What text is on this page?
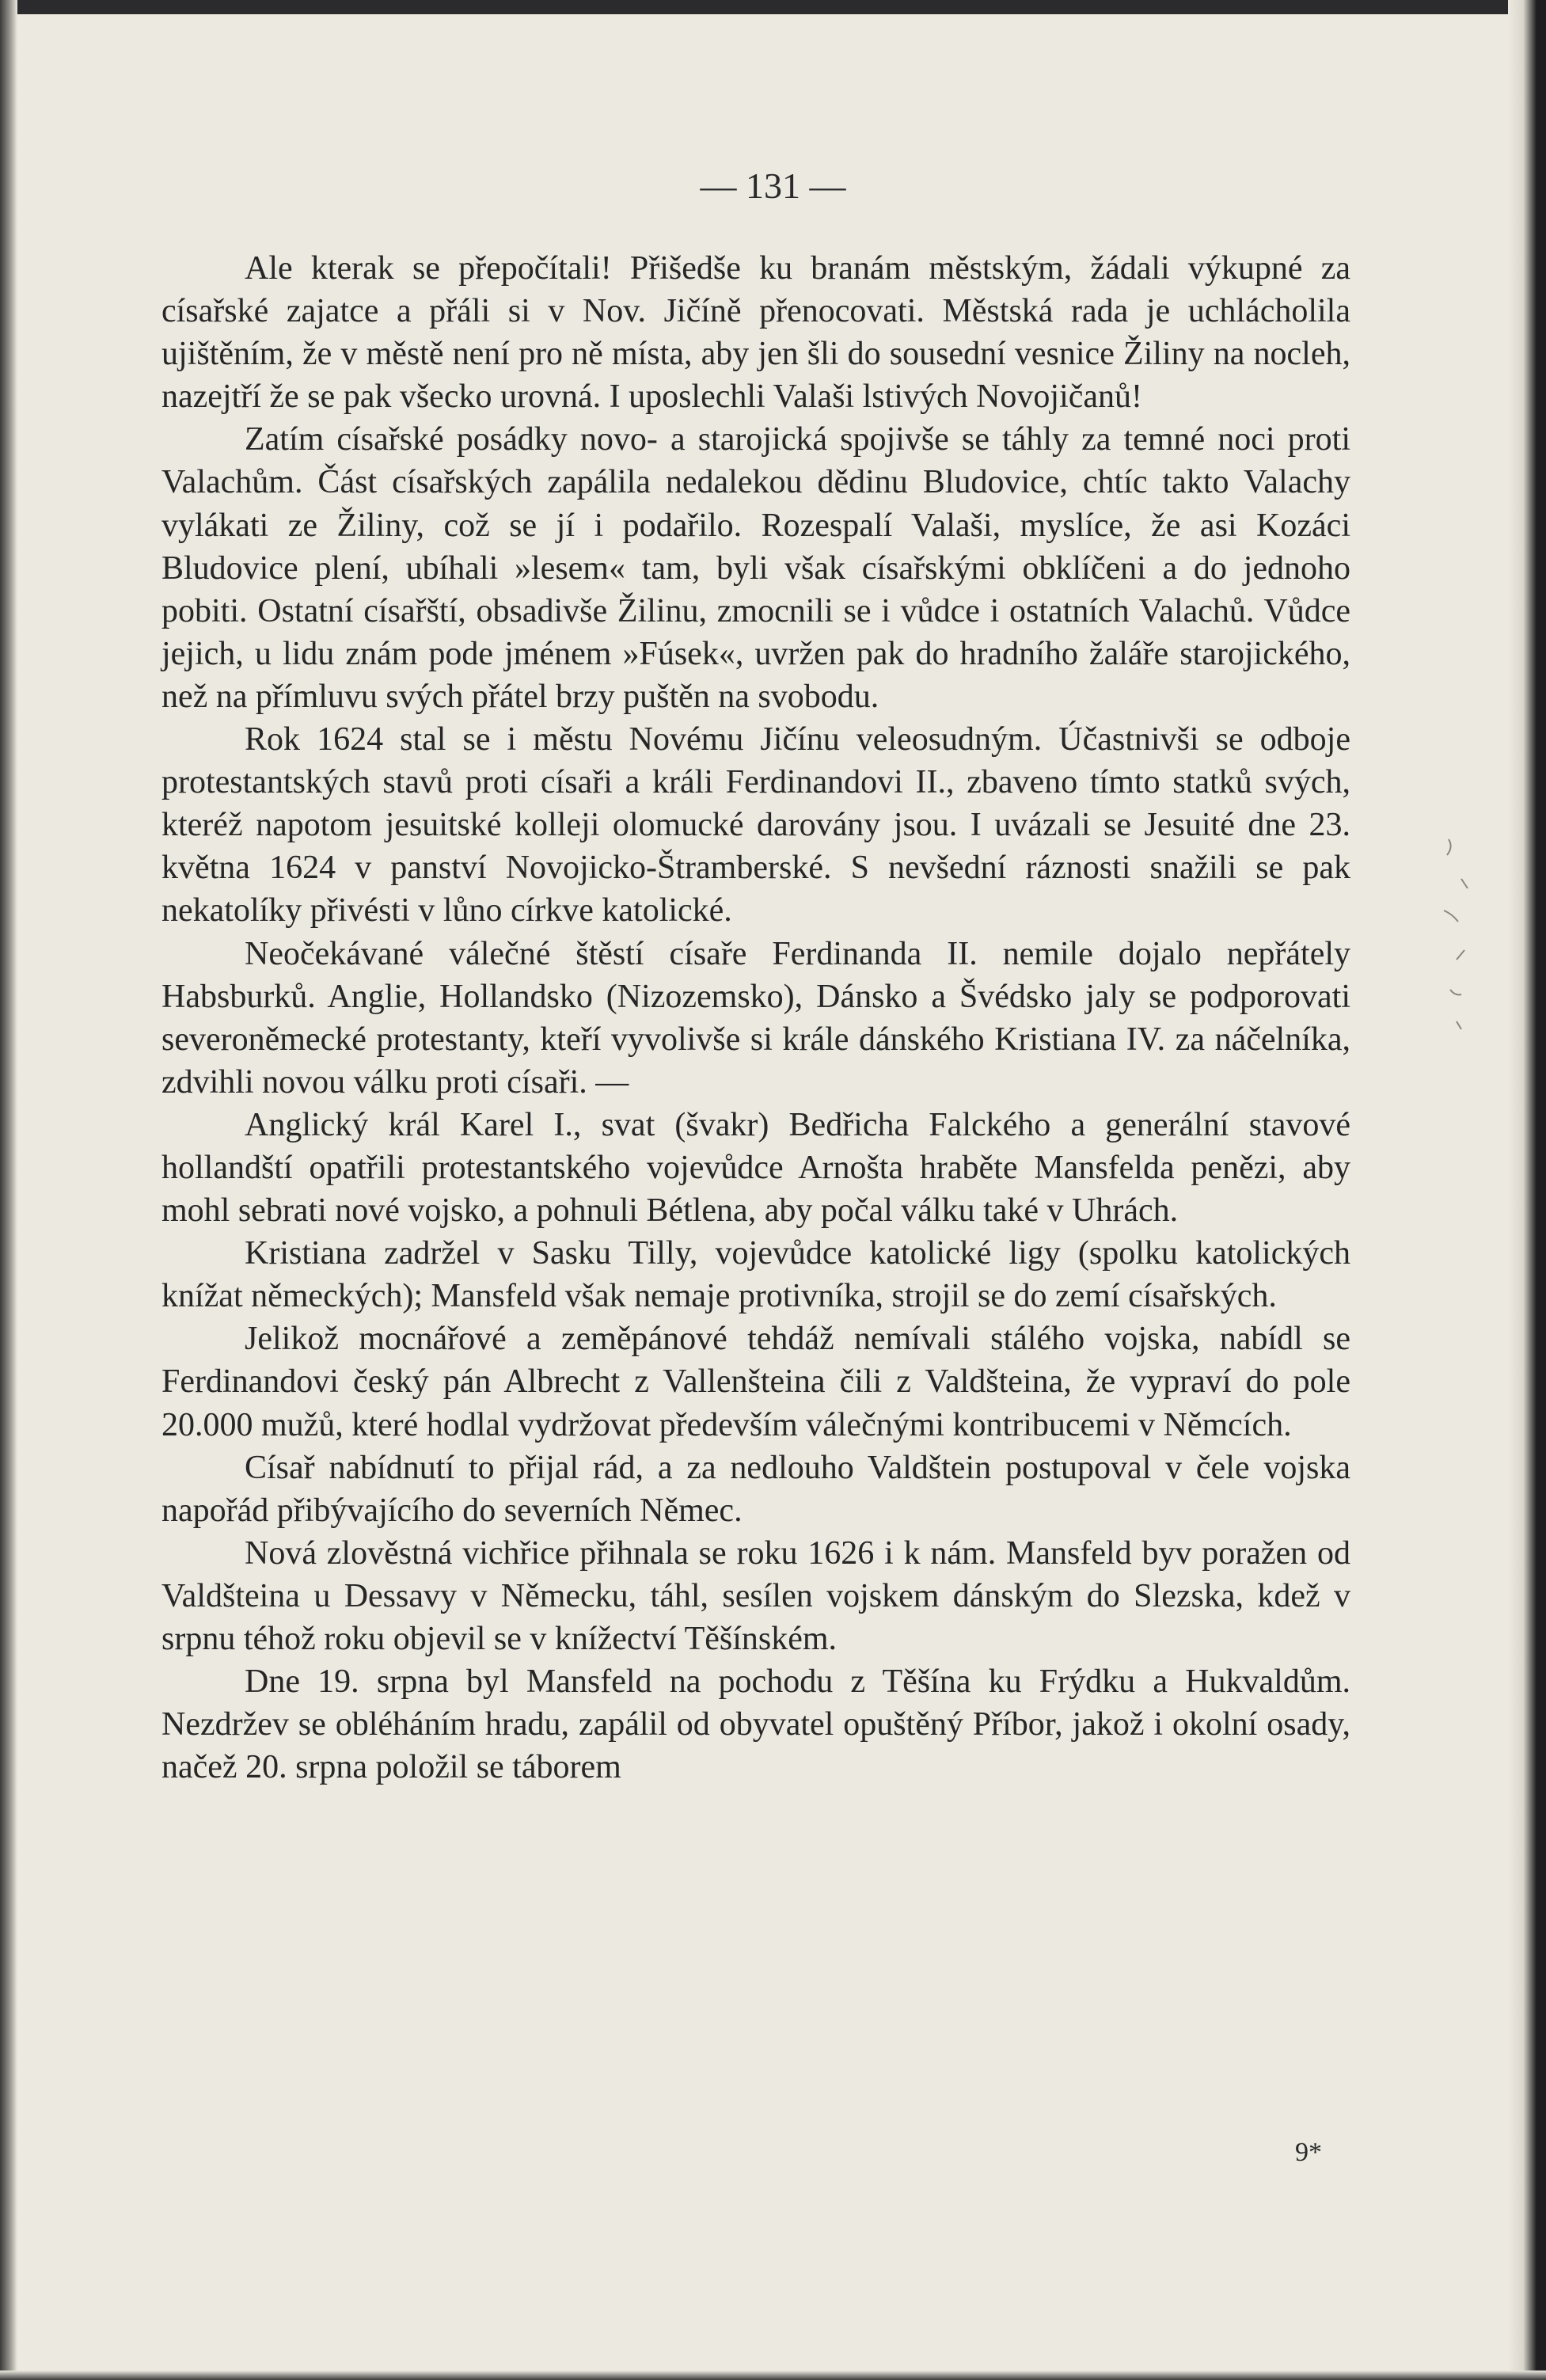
— 131 —

Ale kterak se přepočítali! Přišedše ku branám městským, žádali výkupné za císařské zajatce a přáli si v Nov. Jičíně přenocovati. Městská rada je uchlácholila ujištěním, že v městě není pro ně místa, aby jen šli do sousední vesnice Žiliny na nocleh, nazejtří že se pak všecko urovná. I uposlechli Valaši lstivých Novojičanů!

Zatím císařské posádky novo- a starojická spojivše se táhly za temné noci proti Valachům. Část císařských zapálila nedalekou dědinu Bludovice, chtíc takto Valachy vylákati ze Žiliny, což se jí i podařilo. Rozespalí Valaši, myslíce, že asi Kozáci Bludovice plení, ubíhali »lesem« tam, byli však císařskými obklíčeni a do jednoho pobiti. Ostatní císařští, obsadivše Žilinu, zmocnili se i vůdce i ostatních Valachů. Vůdce jejich, u lidu znám pode jménem »Fúsek«, uvržen pak do hradního žaláře starojického, než na přímluvu svých přátel brzy puštěn na svobodu.

Rok 1624 stal se i městu Novému Jičínu veleosudným. Účastnivši se odboje protestantských stavů proti císaři a králi Ferdinandovi II., zbaveno tímto statků svých, kteréž napotom jesuitské kolleji olomucké darovány jsou. I uvázali se Jesuité dne 23. května 1624 v panství Novojicko-Štramberské. S nevšední ráznosti snažili se pak nekatolíky přivésti v lůno církve katolické.

Neočekávané válečné štěstí císaře Ferdinanda II. nemile dojalo nepřátely Habsburků. Anglie, Hollandsko (Nizozemsko), Dánsko a Švédsko jaly se podporovati severoněmecké protestanty, kteří vyvolivše si krále dánského Kristiana IV. za náčelníka, zdvihli novou válku proti císaři. —

Anglický král Karel I., svat (švakr) Bedřicha Falckého a generální stavové hollandští opatřili protestantského vojevůdce Arnošta hraběte Mansfelda penězi, aby mohl sebrati nové vojsko, a pohnuli Bétlena, aby počal válku také v Uhrách.

Kristiana zadržel v Sasku Tilly, vojevůdce katolické ligy (spolku katolických knížat německých); Mansfeld však nemaje protivníka, strojil se do zemí císařských.

Jelikož mocnářové a zeměpánové tehdáž nemívali stálého vojska, nabídl se Ferdinandovi český pán Albrecht z Vallenšteina čili z Valdšteina, že vypraví do pole 20.000 mužů, které hodlal vydržovat především válečnými kontribucemi v Němcích.

Císař nabídnutí to přijal rád, a za nedlouho Valdštein postupoval v čele vojska napořád přibývajícího do severních Němec.

Nová zlověstná vichřice přihnala se roku 1626 i k nám. Mansfeld byv poražen od Valdšteina u Dessavy v Německu, táhl, sesílen vojskem dánským do Slezska, kdež v srpnu téhož roku objevil se v knížectví Těšínském.

Dne 19. srpna byl Mansfeld na pochodu z Těšína ku Frýdku a Hukvaldům. Nezdržev se obléháním hradu, zapálil od obyvatel opuštěný Příbor, jakož i okolní osady, načež 20. srpna položil se táborem

9*
